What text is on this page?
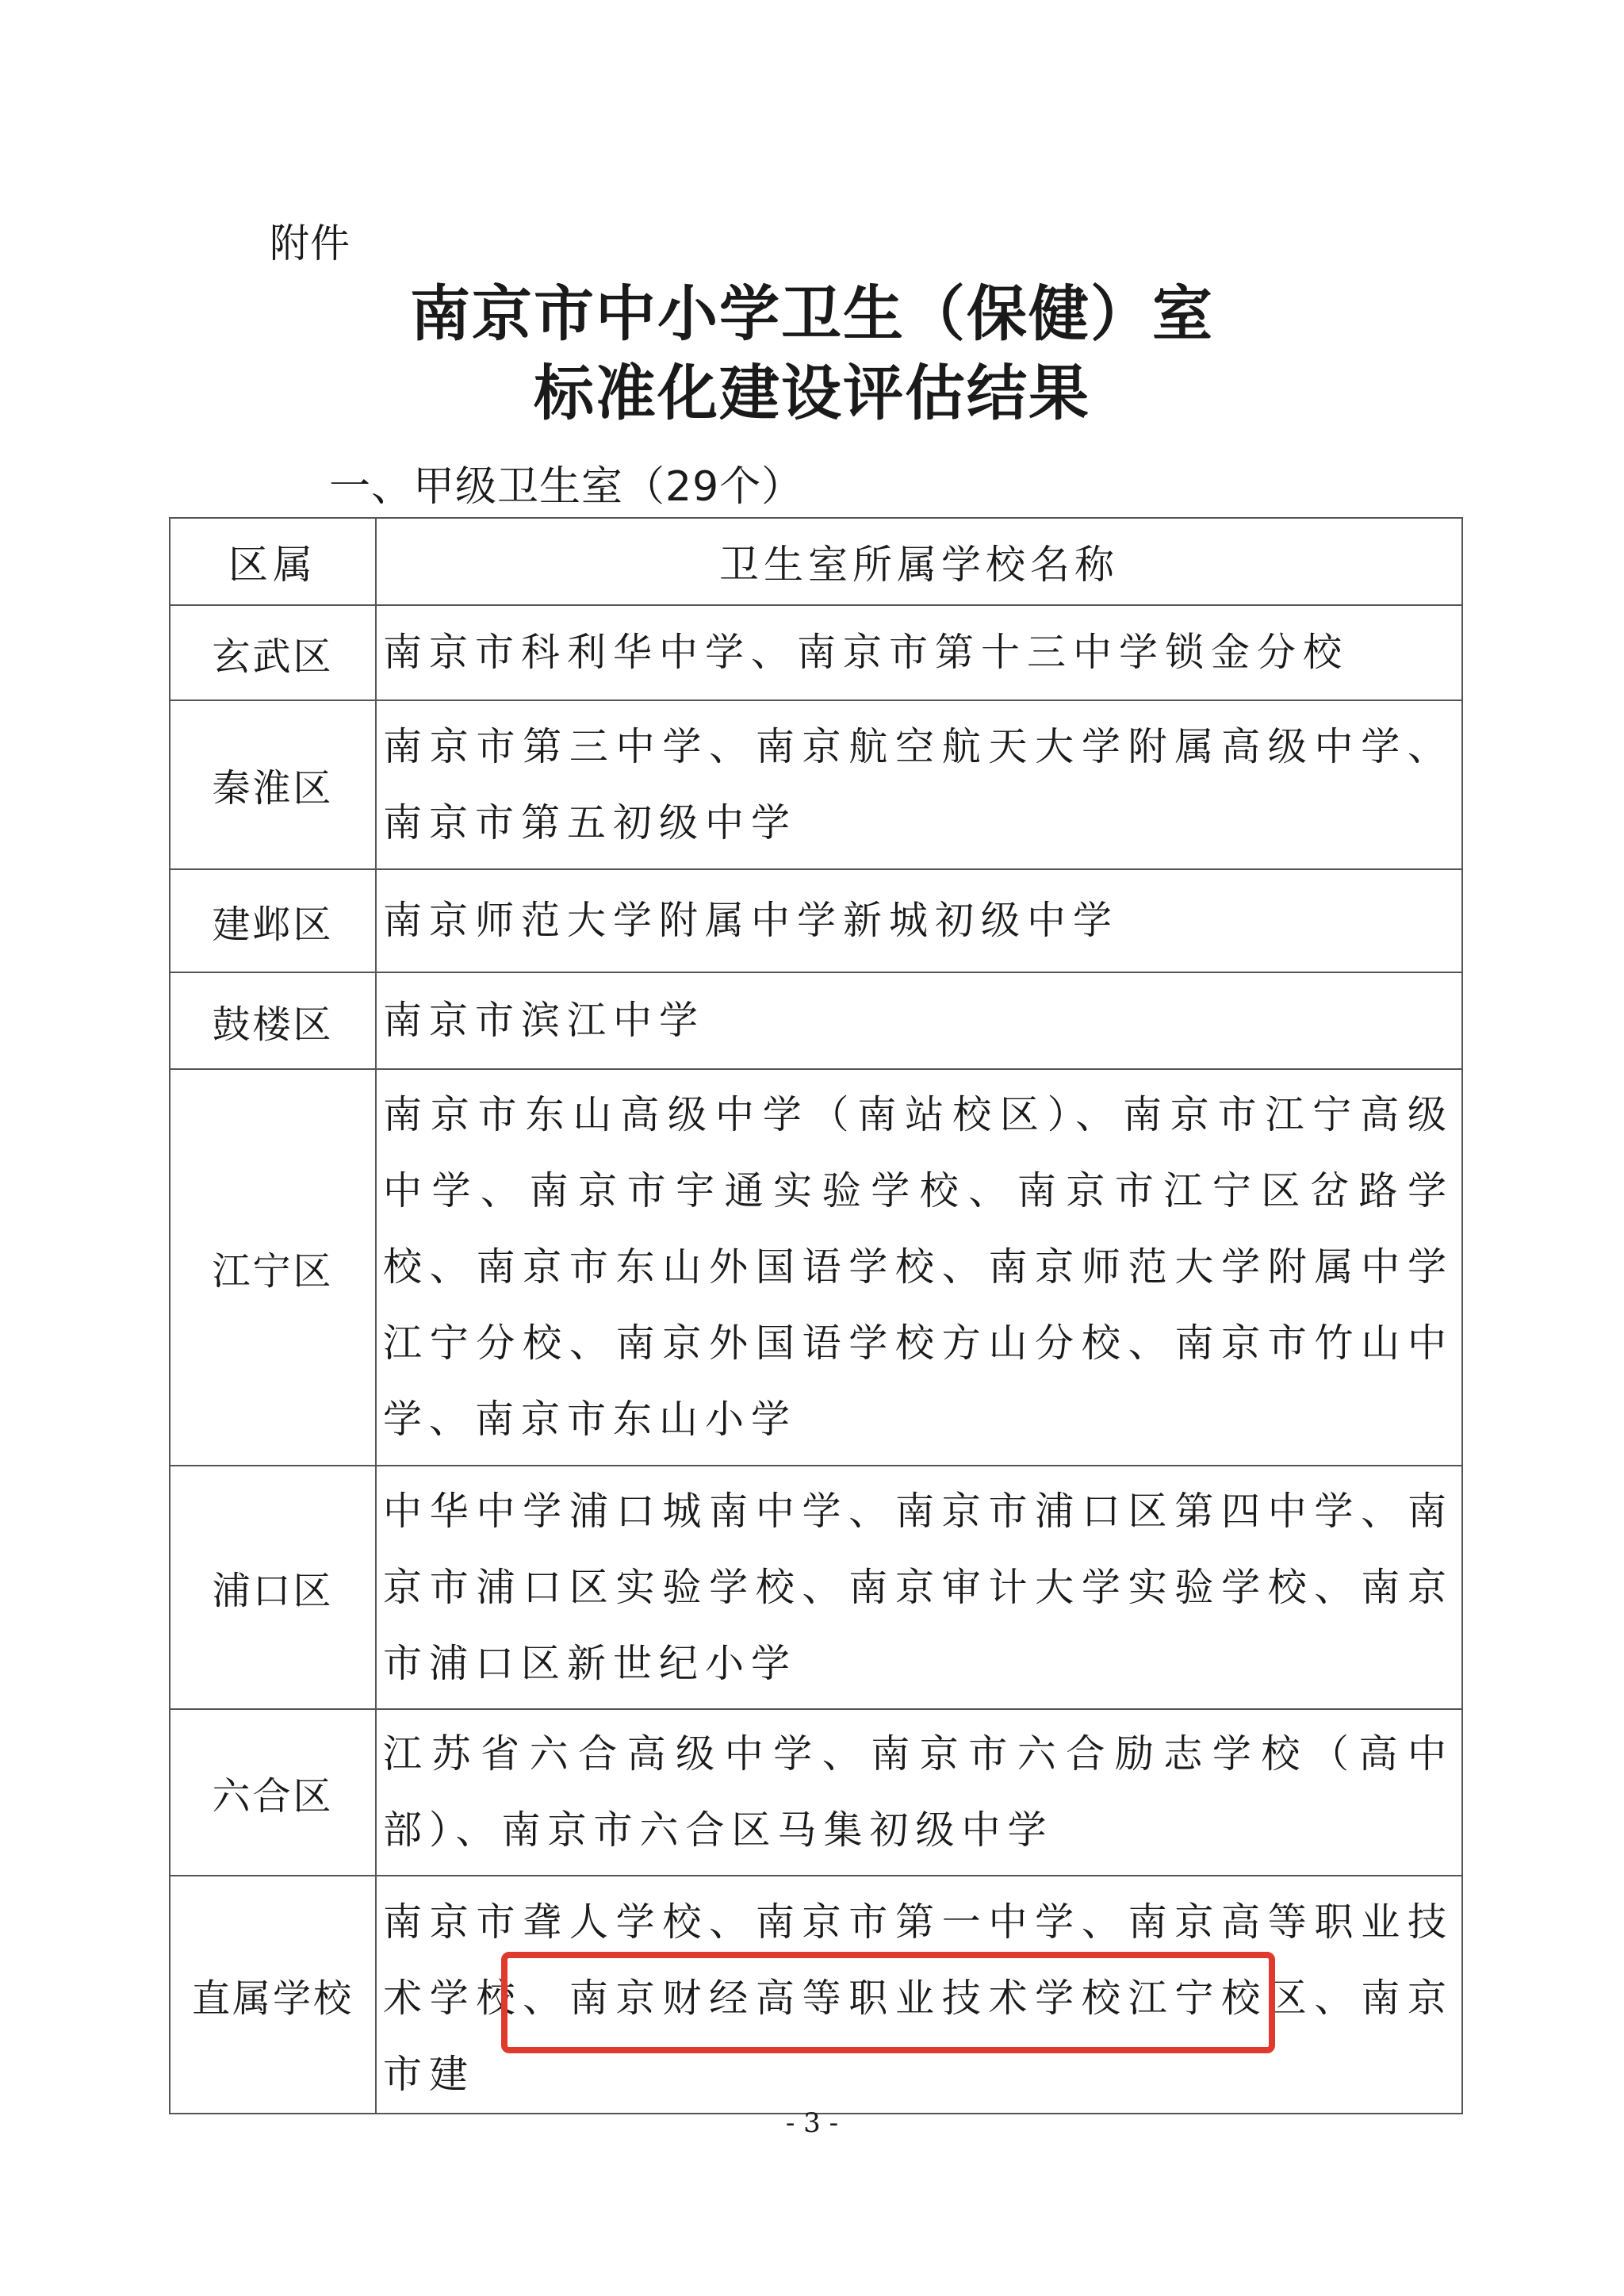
附件
南京市中小学卫生（保健）室
标准化建设评估结果
一、甲级卫生室（29个）
区属	卫生室所属学校名称
玄武区	南京市科利华中学、南京市第十三中学锁金分校
秦淮区	南京市第三中学、南京航空航天大学附属高级中学、南京市第五初级中学
建邺区	南京师范大学附属中学新城初级中学
鼓楼区	南京市滨江中学
江宁区	南京市东山高级中学（南站校区）、南京市江宁高级中学、南京市宇通实验学校、南京市江宁区岔路学校、南京市东山外国语学校、南京师范大学附属中学江宁分校、南京外国语学校方山分校、南京市竹山中学、南京市东山小学
浦口区	中华中学浦口城南中学、南京市浦口区第四中学、南京市浦口区实验学校、南京审计大学实验学校、南京市浦口区新世纪小学
六合区	江苏省六合高级中学、南京市六合励志学校（高中部）、南京市六合区马集初级中学
直属学校	南京市聋人学校、南京市第一中学、南京高等职业技术学校、南京财经高等职业技术学校江宁校区、南京市建
- 3 -
